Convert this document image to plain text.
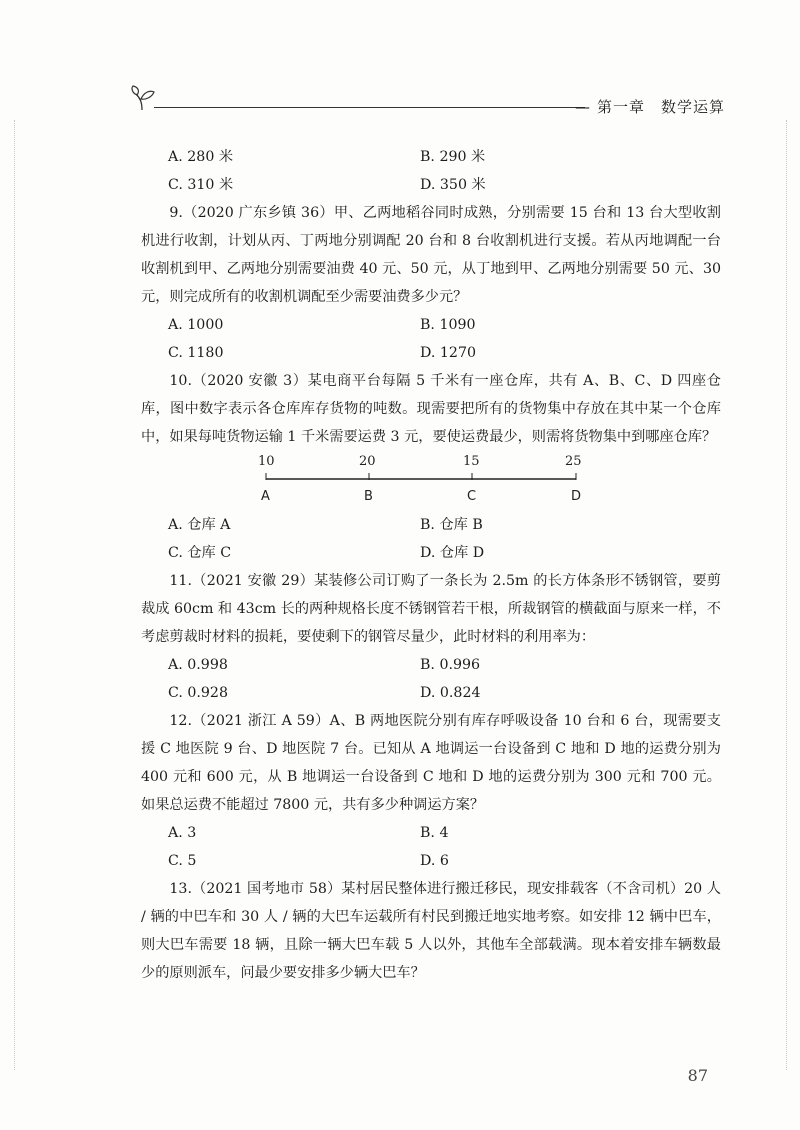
— 第一章　数学运算
A. 280 米	B. 290 米
C. 310 米	D. 350 米

9.（2020 广东乡镇 36）甲、乙两地稻谷同时成熟，分别需要 15 台和 13 台大型收割机进行收割，计划从丙、丁两地分别调配 20 台和 8 台收割机进行支援。若从丙地调配一台收割机到甲、乙两地分别需要油费 40 元、50 元，从丁地到甲、乙两地分别需要 50 元、30 元，则完成所有的收割机调配至少需要油费多少元？

A. 1000	B. 1090
C. 1180	D. 1270

10.（2020 安徽 3）某电商平台每隔 5 千米有一座仓库，共有 A、B、C、D 四座仓库，图中数字表示各仓库库存货物的吨数。现需要把所有的货物集中存放在其中某一个仓库中，如果每吨货物运输 1 千米需要运费 3 元，要使运费最少，则需将货物集中到哪座仓库？

10	20	15	25
A	B	C	D
A. 仓库 A	B. 仓库 B
C. 仓库 C	D. 仓库 D

11.（2021 安徽 29）某装修公司订购了一条长为 2.5m 的长方体条形不锈钢管，要剪裁成 60cm 和 43cm 长的两种规格长度不锈钢管若干根，所裁钢管的横截面与原来一样，不考虑剪裁时材料的损耗，要使剩下的钢管尽量少，此时材料的利用率为：

A. 0.998	B. 0.996
C. 0.928	D. 0.824

12.（2021 浙江 A 59）A、B 两地医院分别有库存呼吸设备 10 台和 6 台，现需要支援 C 地医院 9 台、D 地医院 7 台。已知从 A 地调运一台设备到 C 地和 D 地的运费分别为 400 元和 600 元，从 B 地调运一台设备到 C 地和 D 地的运费分别为 300 元和 700 元。如果总运费不能超过 7800 元，共有多少种调运方案？

A. 3	B. 4
C. 5	D. 6

13.（2021 国考地市 58）某村居民整体进行搬迁移民，现安排载客（不含司机）20 人 / 辆的中巴车和 30 人 / 辆的大巴车运载所有村民到搬迁地实地考察。如安排 12 辆中巴车，则大巴车需要 18 辆，且除一辆大巴车载 5 人以外，其他车全部载满。现本着安排车辆数最少的原则派车，问最少要安排多少辆大巴车？

87
